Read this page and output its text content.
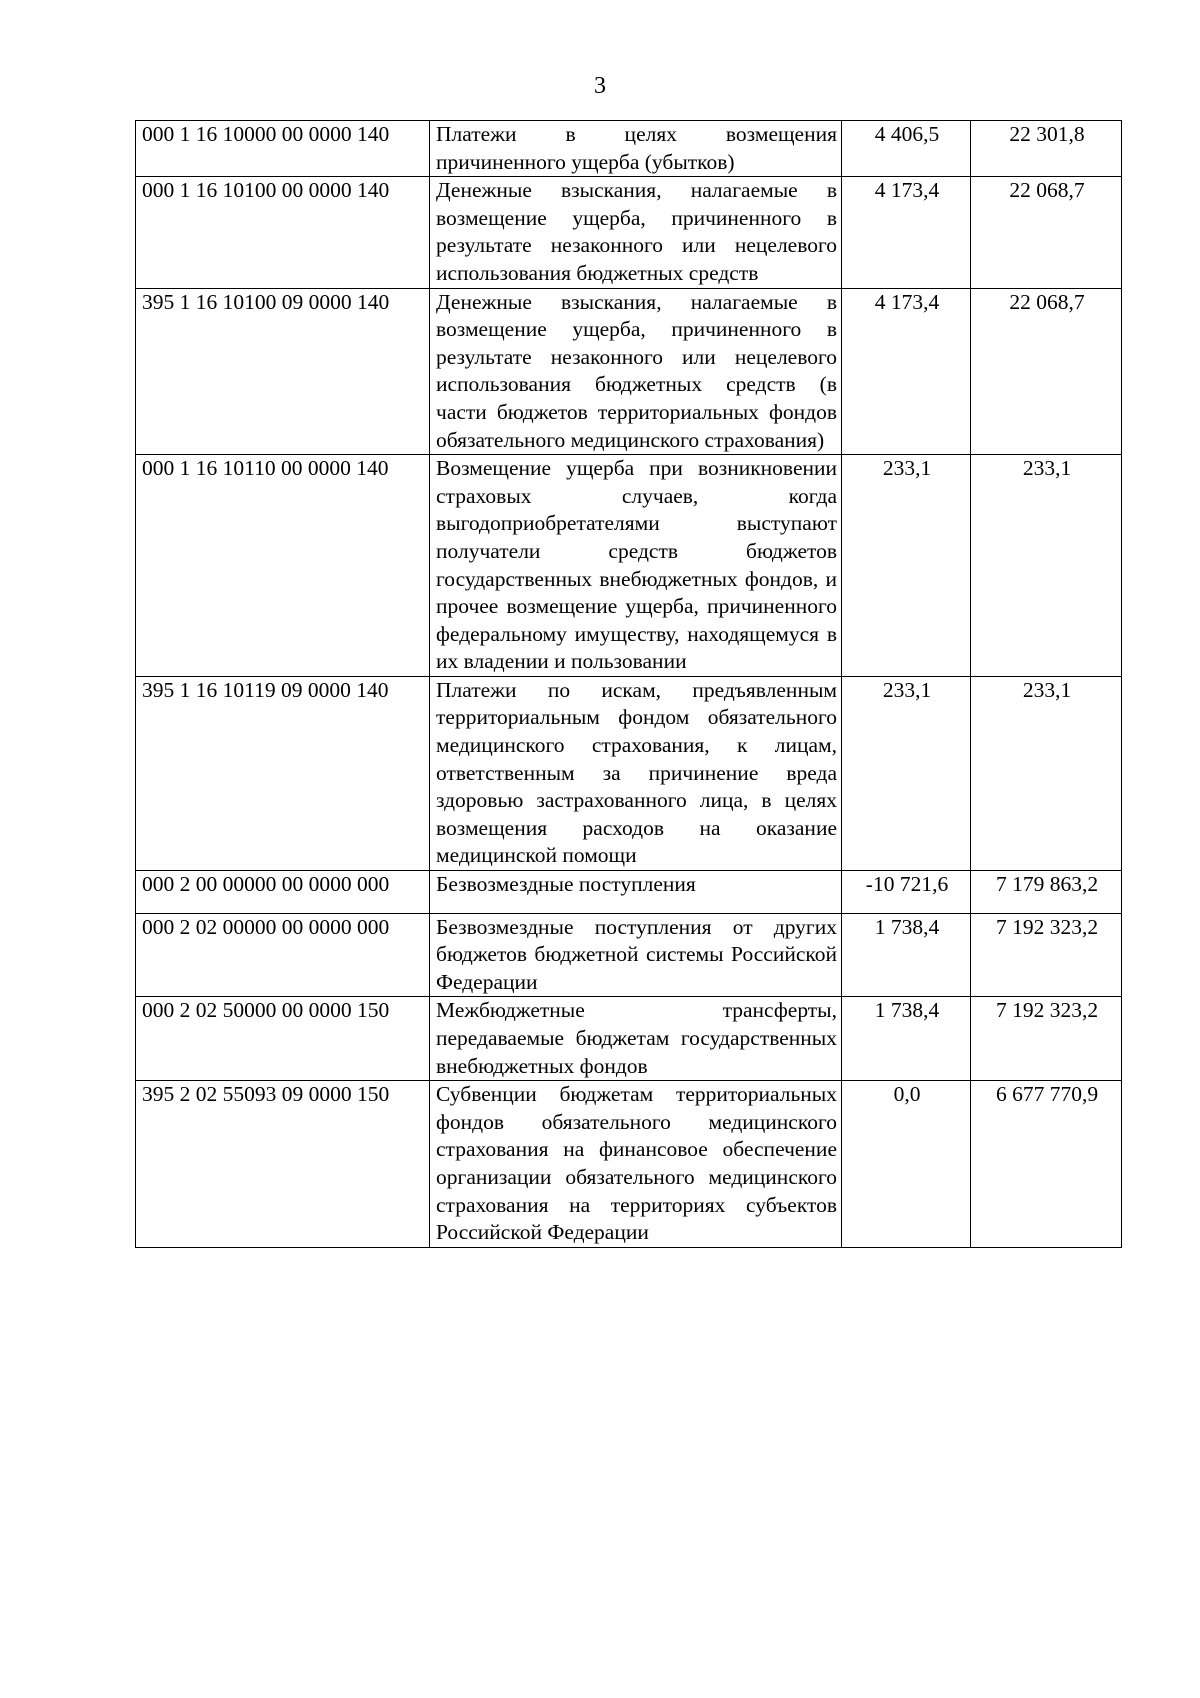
3
000 1 16 10000 00 0000 140	Платежи в целях возмещения причиненного ущерба (убытков)	4 406,5	22 301,8
000 1 16 10100 00 0000 140	Денежные взыскания, налагаемые в возмещение ущерба, причиненного в результате незаконного или нецелевого использования бюджетных средств	4 173,4	22 068,7
395 1 16 10100 09 0000 140	Денежные взыскания, налагаемые в возмещение ущерба, причиненного в результате незаконного или нецелевого использования бюджетных средств (в части бюджетов территориальных фондов обязательного медицинского страхования)	4 173,4	22 068,7
000 1 16 10110 00 0000 140	Возмещение ущерба при возникновении страховых случаев, когда выгодоприобретателями выступают получатели средств бюджетов государственных внебюджетных фондов, и прочее возмещение ущерба, причиненного федеральному имуществу, находящемуся в их владении и пользовании	233,1	233,1
395 1 16 10119 09 0000 140	Платежи по искам, предъявленным территориальным фондом обязательного медицинского страхования, к лицам, ответственным за причинение вреда здоровью застрахованного лица, в целях возмещения расходов на оказание медицинской помощи	233,1	233,1
000 2 00 00000 00 0000 000	Безвозмездные поступления	-10 721,6	7 179 863,2
000 2 02 00000 00 0000 000	Безвозмездные поступления от других бюджетов бюджетной системы Российской Федерации	1 738,4	7 192 323,2
000 2 02 50000 00 0000 150	Межбюджетные трансферты, передаваемые бюджетам государственных внебюджетных фондов	1 738,4	7 192 323,2
395 2 02 55093 09 0000 150	Субвенции бюджетам территориальных фондов обязательного медицинского страхования на финансовое обеспечение организации обязательного медицинского страхования на территориях субъектов Российской Федерации	0,0	6 677 770,9
